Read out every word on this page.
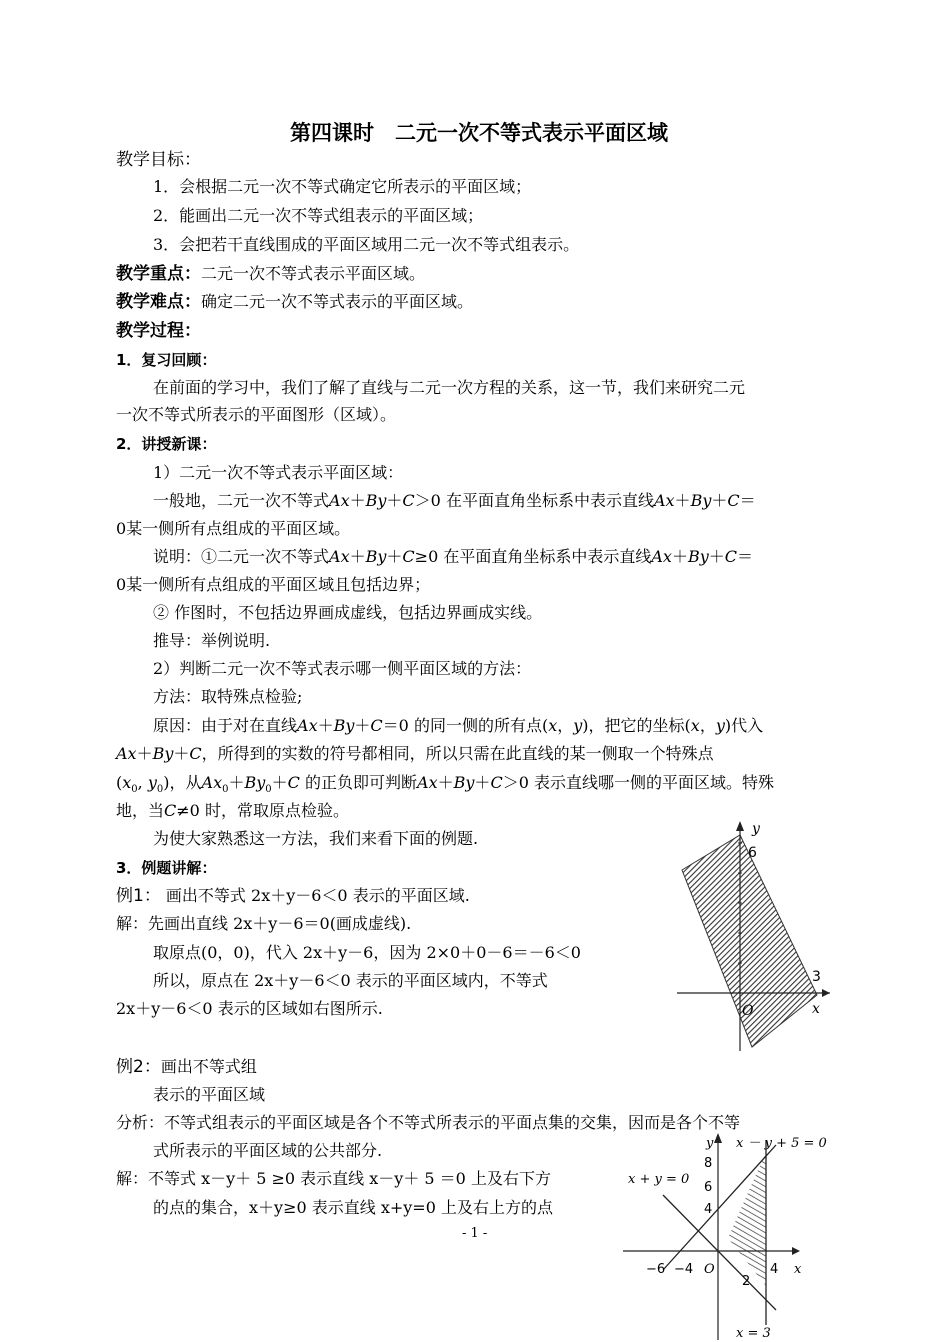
第四课时　二元一次不等式表示平面区域
教学目标：
1．会根据二元一次不等式确定它所表示的平面区域；
2．能画出二元一次不等式组表示的平面区域；
3．会把若干直线围成的平面区域用二元一次不等式组表示。
教学重点：二元一次不等式表示平面区域。
教学难点：确定二元一次不等式表示的平面区域。
教学过程：
1．复习回顾：
在前面的学习中，我们了解了直线与二元一次方程的关系，这一节，我们来研究二元
一次不等式所表示的平面图形（区域）。
2．讲授新课：
1）二元一次不等式表示平面区域：
一般地，二元一次不等式Ax＋By＋C＞0 在平面直角坐标系中表示直线Ax＋By＋C＝
0某一侧所有点组成的平面区域。
说明：①二元一次不等式Ax＋By＋C≥0 在平面直角坐标系中表示直线Ax＋By＋C＝
0某一侧所有点组成的平面区域且包括边界；
② 作图时，不包括边界画成虚线，包括边界画成实线。
推导：举例说明.
2）判断二元一次不等式表示哪一侧平面区域的方法：
方法：取特殊点检验;
原因：由于对在直线Ax＋By＋C＝0 的同一侧的所有点(x，y)，把它的坐标(x，y)代入
Ax＋By＋C，所得到的实数的符号都相同，所以只需在此直线的某一侧取一个特殊点
($x_0$, $y_0$)，从$Ax_0+By_0+C$ 的正负即可判断Ax＋By＋C＞0 表示直线哪一侧的平面区域。特殊
地，当C≠0 时，常取原点检验。
为使大家熟悉这一方法，我们来看下面的例题.
3．例题讲解：
例1： 画出不等式 2x＋y－6＜0 表示的平面区域.
解：先画出直线 2x＋y－6＝0(画成虚线).
取原点(0，0)，代入 2x＋y－6，因为 2×0＋0－6＝－6＜0
所以，原点在 2x＋y－6＜0 表示的平面区域内，不等式
2x＋y－6＜0 表示的区域如右图所示.
例2：画出不等式组
表示的平面区域
分析：不等式组表示的平面区域是各个不等式所表示的平面点集的交集，因而是各个不等
式所表示的平面区域的公共部分.
解：不等式 x－y＋ 5 ≥0 表示直线 x－y＋ 5 ＝0 上及右下方
的点的集合，x＋y≥0 表示直线 x+y=0 上及右上方的点
- 1 -
y
6
3
x
O
x － y + 5 = 0
x + y = 0
x = 3
y
8
6
4
2
−6 −4	4 x
O
